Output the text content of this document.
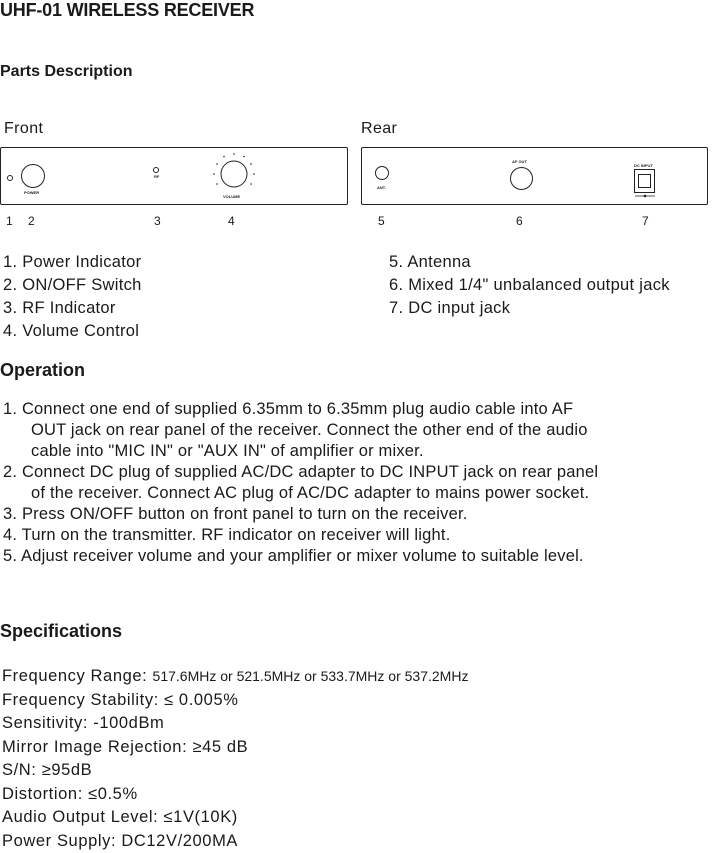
UHF-01 WIRELESS RECEIVER
Parts Description
Front	Rear
POWER
RF
VOLUME
1 2	3	4
ANT.
AF OUT
DC INPUT
5	6	7
1. Power Indicator
2. ON/OFF Switch
3. RF Indicator
4. Volume Control
5. Antenna
6. Mixed 1/4" unbalanced output jack
7. DC input jack
Operation
1. Connect one end of supplied 6.35mm to 6.35mm plug audio cable into AF
OUT jack on rear panel of the receiver. Connect the other end of the audio
cable into "MIC IN" or "AUX IN" of amplifier or mixer.
2. Connect DC plug of supplied AC/DC adapter to DC INPUT jack on rear panel
of the receiver. Connect AC plug of AC/DC adapter to mains power socket.
3. Press ON/OFF button on front panel to turn on the receiver.
4. Turn on the transmitter. RF indicator on receiver will light.
5. Adjust receiver volume and your amplifier or mixer volume to suitable level.
Specifications
Frequency Range: 517.6MHz or 521.5MHz or 533.7MHz or 537.2MHz
Frequency Stability: ≤ 0.005%
Sensitivity: -100dBm
Mirror Image Rejection: ≥45 dB
S/N: ≥95dB
Distortion: ≤0.5%
Audio Output Level: ≤1V(10K)
Power Supply: DC12V/200MA
